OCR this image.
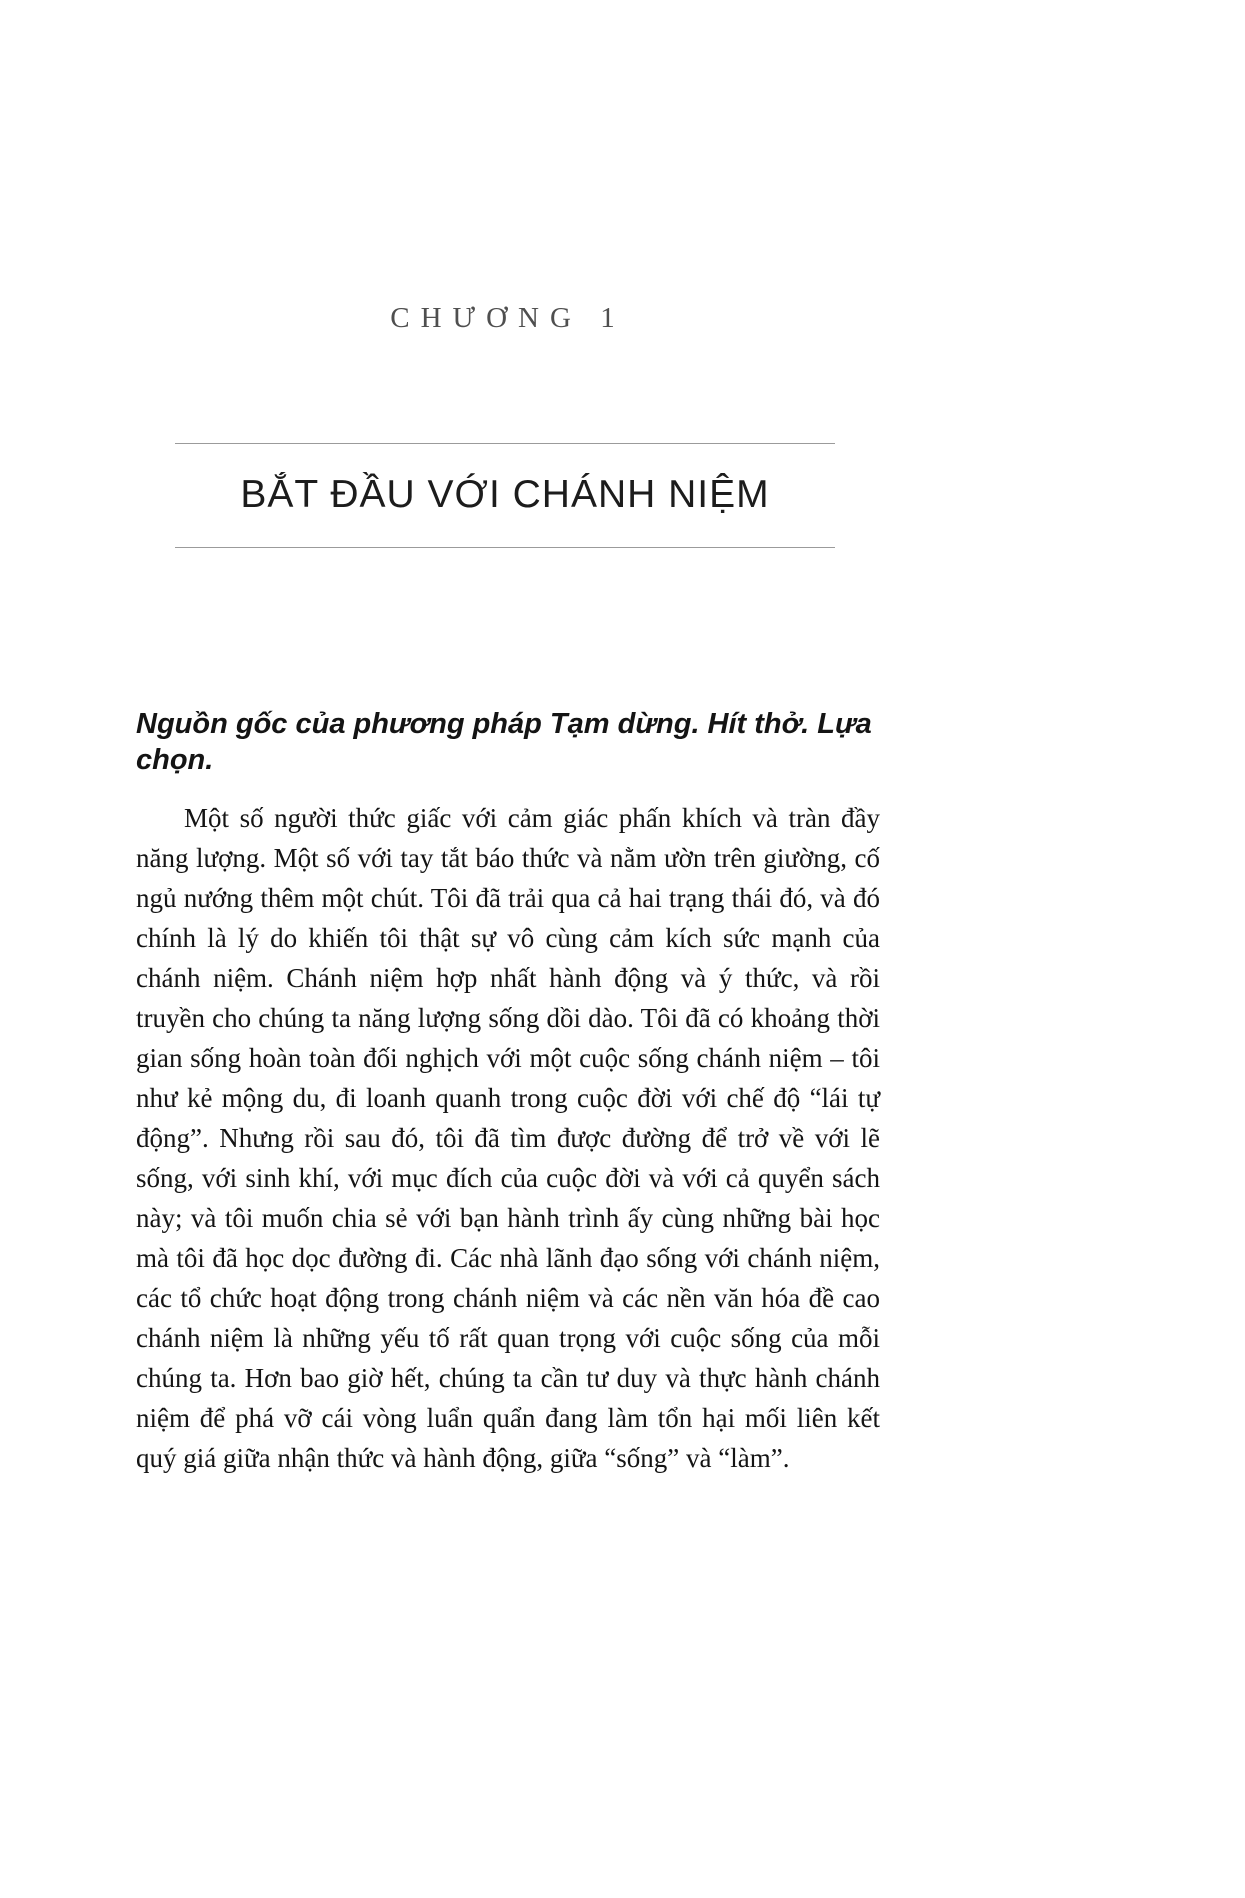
CHƯƠNG 1
BẮT ĐẦU VỚI CHÁNH NIỆM
Nguồn gốc của phương pháp Tạm dừng. Hít thở. Lựa chọn.

Một số người thức giấc với cảm giác phấn khích và tràn đầy năng lượng. Một số với tay tắt báo thức và nằm ườn trên giường, cố ngủ nướng thêm một chút. Tôi đã trải qua cả hai trạng thái đó, và đó chính là lý do khiến tôi thật sự vô cùng cảm kích sức mạnh của chánh niệm. Chánh niệm hợp nhất hành động và ý thức, và rồi truyền cho chúng ta năng lượng sống dồi dào. Tôi đã có khoảng thời gian sống hoàn toàn đối nghịch với một cuộc sống chánh niệm – tôi như kẻ mộng du, đi loanh quanh trong cuộc đời với chế độ “lái tự động”. Nhưng rồi sau đó, tôi đã tìm được đường để trở về với lẽ sống, với sinh khí, với mục đích của cuộc đời và với cả quyển sách này; và tôi muốn chia sẻ với bạn hành trình ấy cùng những bài học mà tôi đã học dọc đường đi. Các nhà lãnh đạo sống với chánh niệm, các tổ chức hoạt động trong chánh niệm và các nền văn hóa đề cao chánh niệm là những yếu tố rất quan trọng với cuộc sống của mỗi chúng ta. Hơn bao giờ hết, chúng ta cần tư duy và thực hành chánh niệm để phá vỡ cái vòng luẩn quẩn đang làm tổn hại mối liên kết quý giá giữa nhận thức và hành động, giữa “sống” và “làm”.
